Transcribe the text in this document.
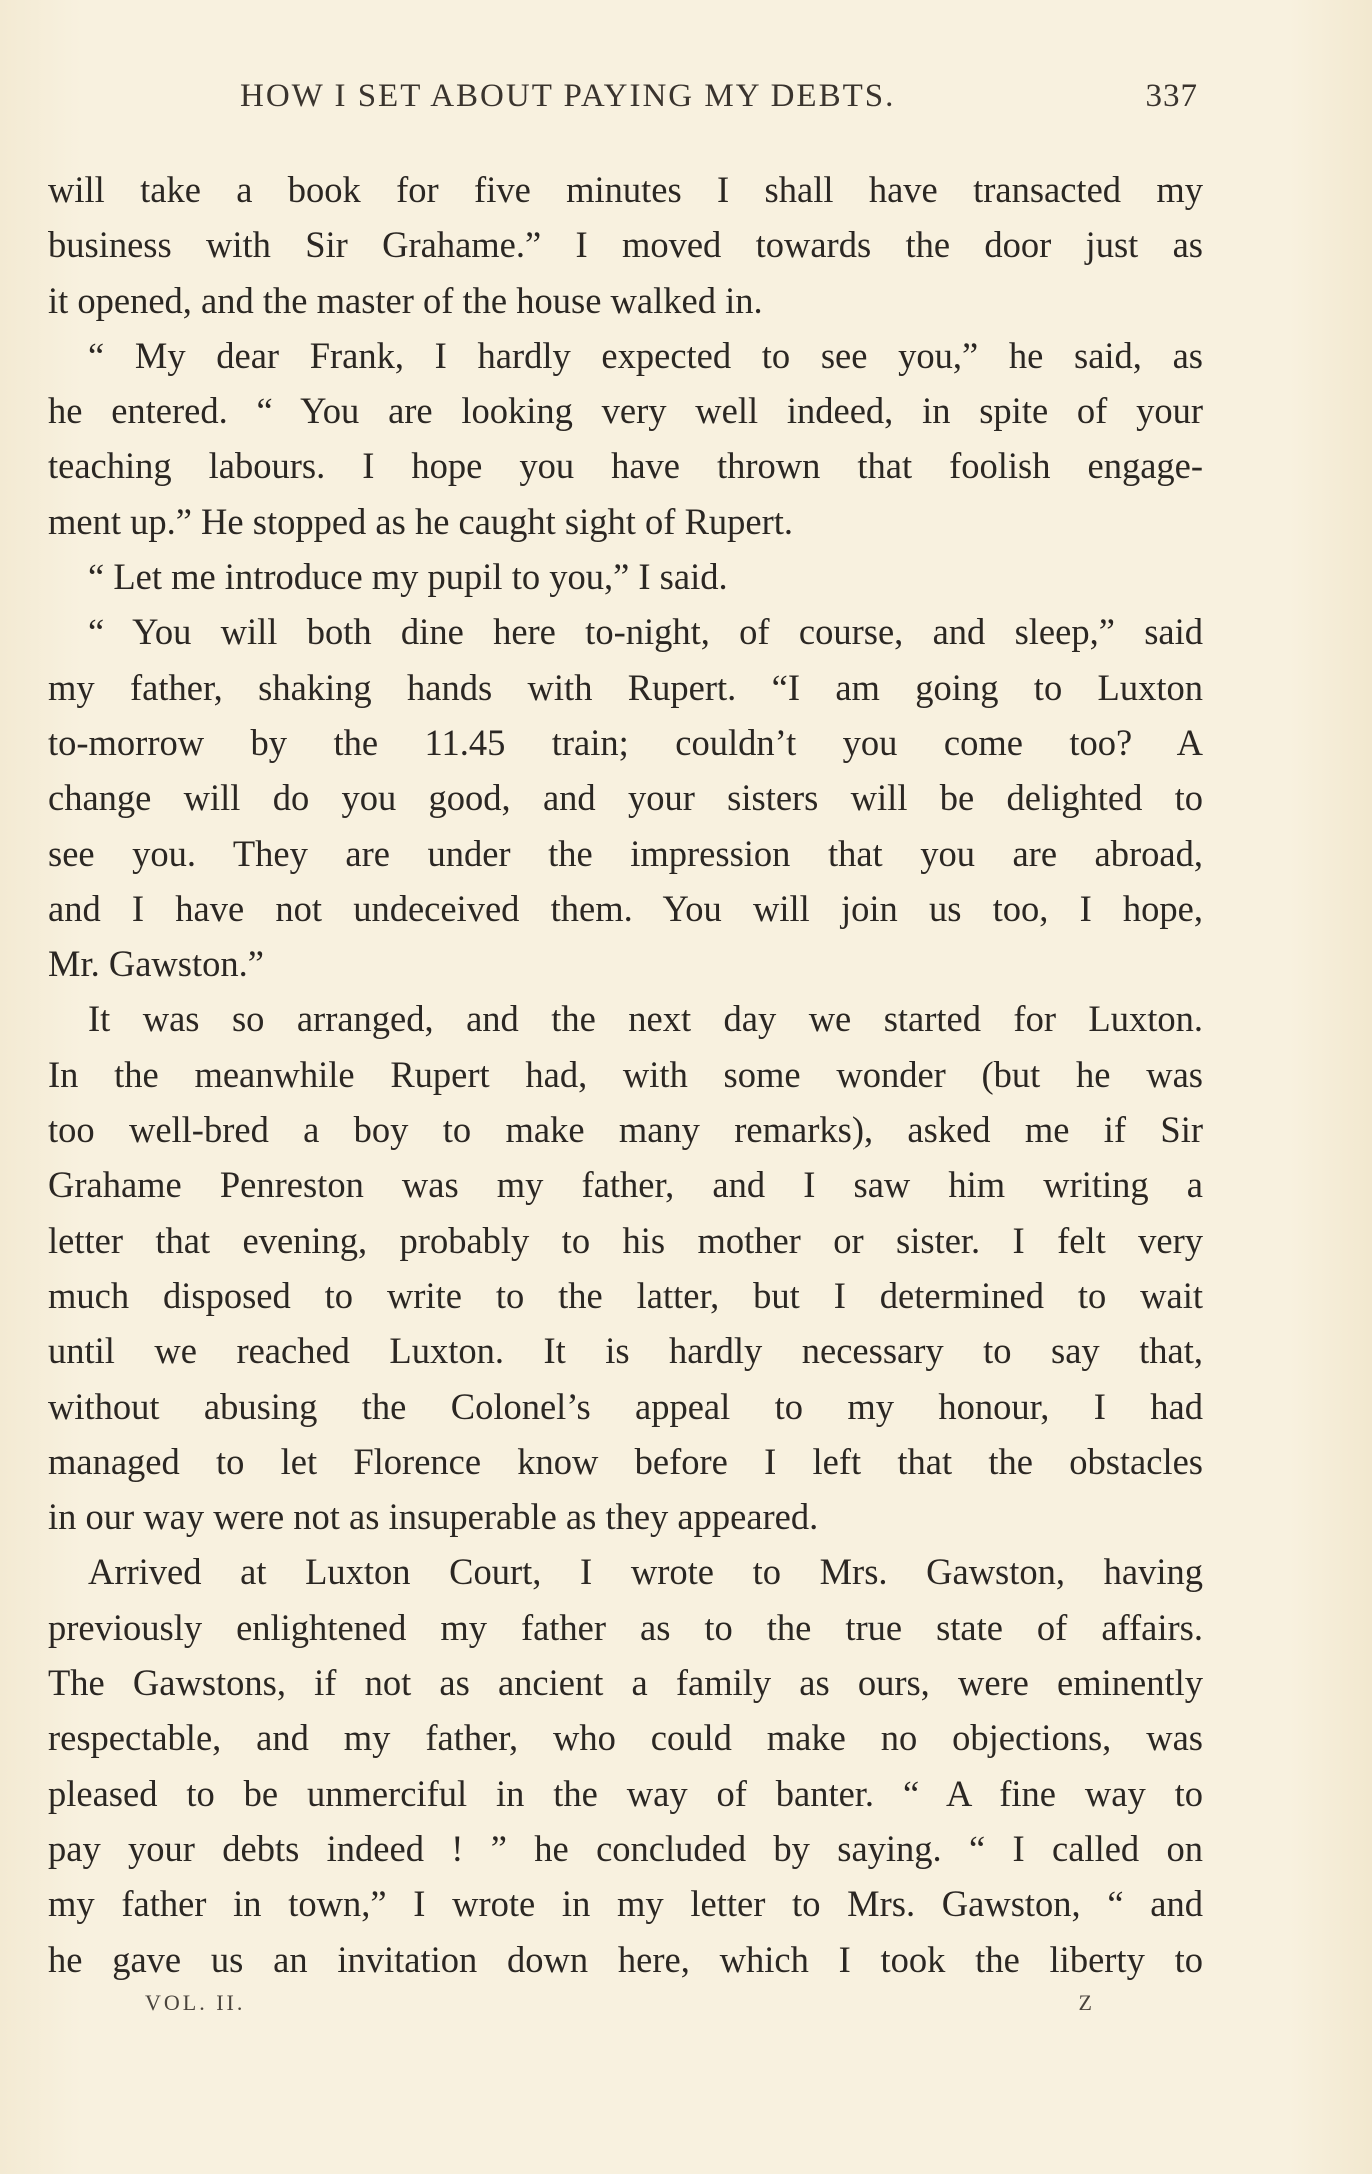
HOW I SET ABOUT PAYING MY DEBTS.	337
will take a book for five minutes I shall have transacted my
business with Sir Grahame.” I moved towards the door just as
it opened, and the master of the house walked in.
“ My dear Frank, I hardly expected to see you,” he said, as
he entered. “ You are looking very well indeed, in spite of your
teaching labours. I hope you have thrown that foolish engage-
ment up.” He stopped as he caught sight of Rupert.
“ Let me introduce my pupil to you,” I said.
“ You will both dine here to-night, of course, and sleep,” said
my father, shaking hands with Rupert. “I am going to Luxton
to-morrow by the 11.45 train; couldn’t you come too? A
change will do you good, and your sisters will be delighted to
see you. They are under the impression that you are abroad,
and I have not undeceived them. You will join us too, I hope,
Mr. Gawston.”
It was so arranged, and the next day we started for Luxton.
In the meanwhile Rupert had, with some wonder (but he was
too well-bred a boy to make many remarks), asked me if Sir
Grahame Penreston was my father, and I saw him writing a
letter that evening, probably to his mother or sister. I felt very
much disposed to write to the latter, but I determined to wait
until we reached Luxton. It is hardly necessary to say that,
without abusing the Colonel’s appeal to my honour, I had
managed to let Florence know before I left that the obstacles
in our way were not as insuperable as they appeared.
Arrived at Luxton Court, I wrote to Mrs. Gawston, having
previously enlightened my father as to the true state of affairs.
The Gawstons, if not as ancient a family as ours, were eminently
respectable, and my father, who could make no objections, was
pleased to be unmerciful in the way of banter. “ A fine way to
pay your debts indeed ! ” he concluded by saying. “ I called on
my father in town,” I wrote in my letter to Mrs. Gawston, “ and
he gave us an invitation down here, which I took the liberty to
VOL. II.	Z
